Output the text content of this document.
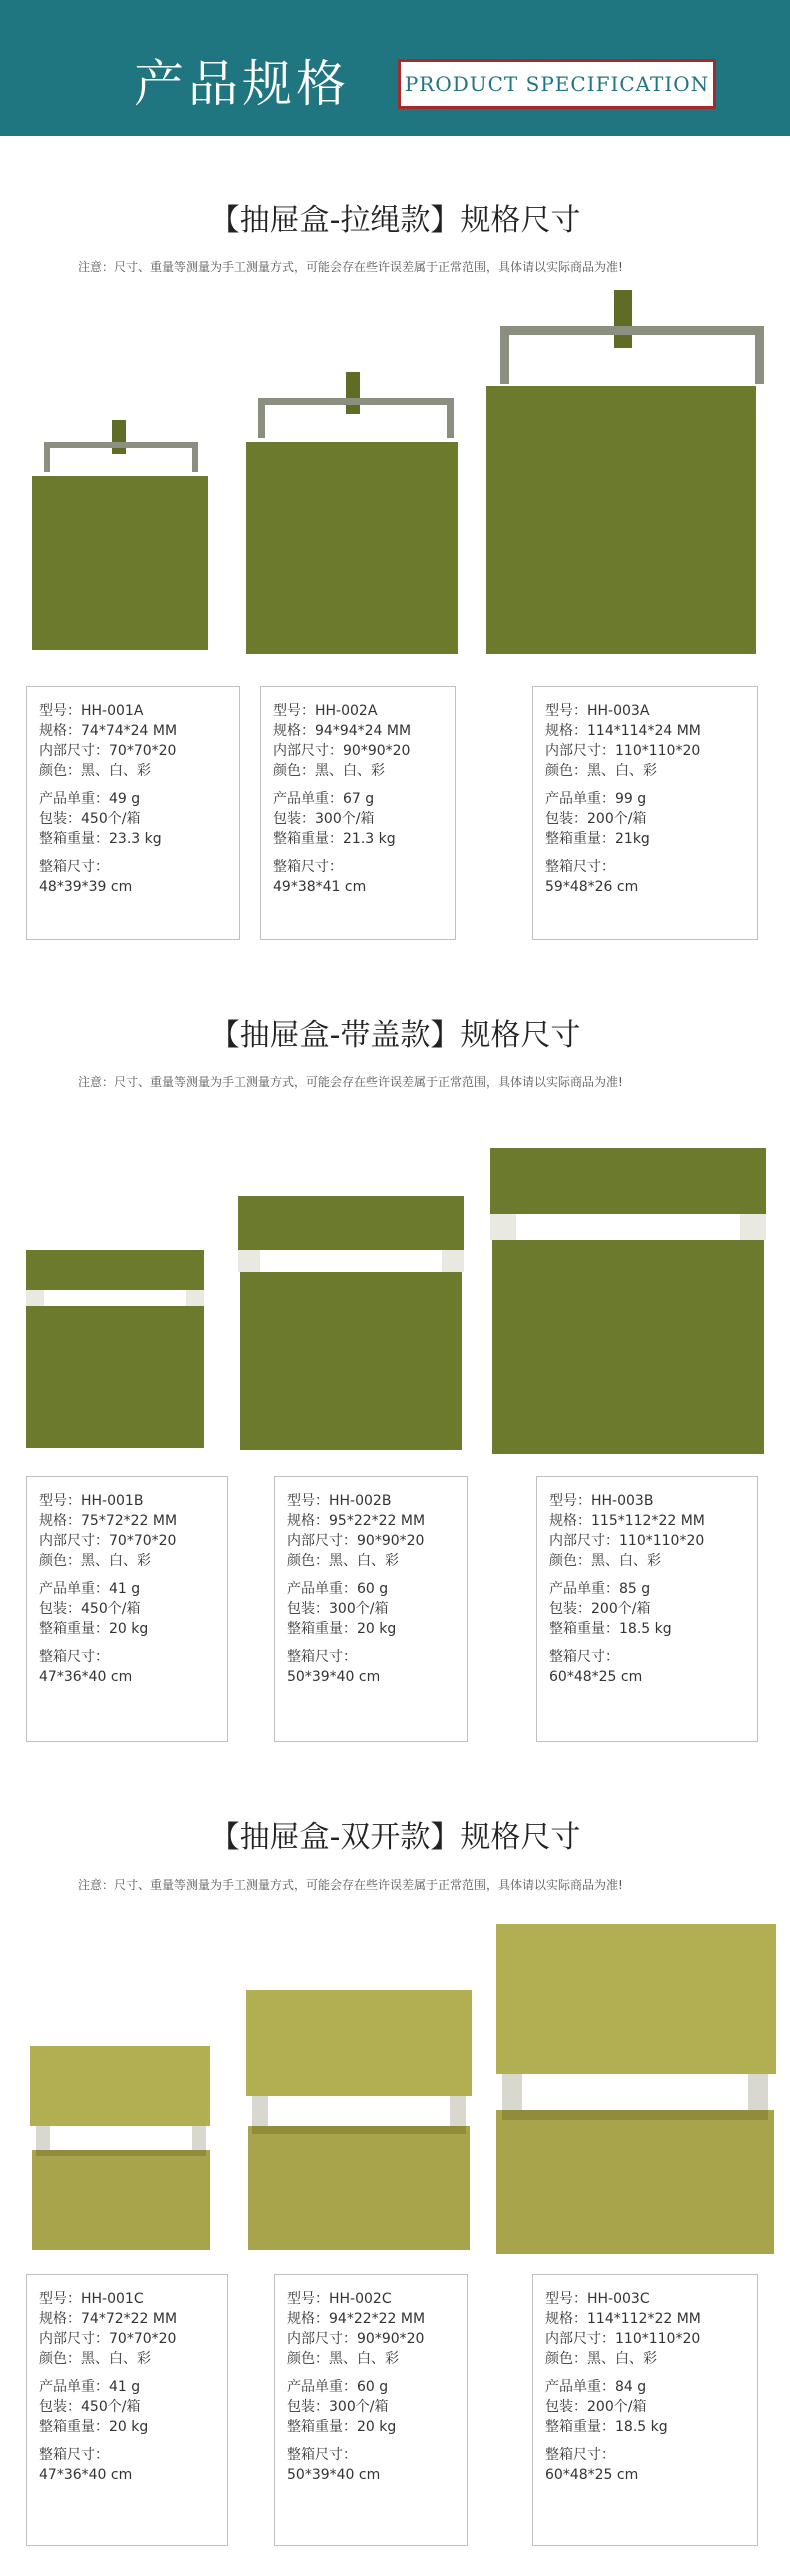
产品规格	PRODUCT SPECIFICATION
【抽屉盒-拉绳款】规格尺寸
注意：尺寸、重量等测量为手工测量方式，可能会存在些许误差属于正常范围，具体请以实际商品为准!
型号：HH-001A
规格：74*74*24 MM
内部尺寸：70*70*20
颜色：黑、白、彩
产品单重：49 g
包装：450个/箱
整箱重量：23.3 kg
整箱尺寸：
48*39*39 cm
型号：HH-002A
规格：94*94*24 MM
内部尺寸：90*90*20
颜色：黑、白、彩
产品单重：67 g
包装：300个/箱
整箱重量：21.3 kg
整箱尺寸：
49*38*41 cm
型号：HH-003A
规格：114*114*24 MM
内部尺寸：110*110*20
颜色：黑、白、彩
产品单重：99 g
包装：200个/箱
整箱重量：21kg
整箱尺寸：
59*48*26 cm
【抽屉盒-带盖款】规格尺寸
注意：尺寸、重量等测量为手工测量方式，可能会存在些许误差属于正常范围，具体请以实际商品为准!
型号：HH-001B
规格：75*72*22 MM
内部尺寸：70*70*20
颜色：黑、白、彩
产品单重：41 g
包装：450个/箱
整箱重量：20 kg
整箱尺寸：
47*36*40 cm
型号：HH-002B
规格：95*22*22 MM
内部尺寸：90*90*20
颜色：黑、白、彩
产品单重：60 g
包装：300个/箱
整箱重量：20 kg
整箱尺寸：
50*39*40 cm
型号：HH-003B
规格：115*112*22 MM
内部尺寸：110*110*20
颜色：黑、白、彩
产品单重：85 g
包装：200个/箱
整箱重量：18.5 kg
整箱尺寸：
60*48*25 cm
【抽屉盒-双开款】规格尺寸
注意：尺寸、重量等测量为手工测量方式，可能会存在些许误差属于正常范围，具体请以实际商品为准!
型号：HH-001C
规格：74*72*22 MM
内部尺寸：70*70*20
颜色：黑、白、彩
产品单重：41 g
包装：450个/箱
整箱重量：20 kg
整箱尺寸：
47*36*40 cm
型号：HH-002C
规格：94*22*22 MM
内部尺寸：90*90*20
颜色：黑、白、彩
产品单重：60 g
包装：300个/箱
整箱重量：20 kg
整箱尺寸：
50*39*40 cm
型号：HH-003C
规格：114*112*22 MM
内部尺寸：110*110*20
颜色：黑、白、彩
产品单重：84 g
包装：200个/箱
整箱重量：18.5 kg
整箱尺寸：
60*48*25 cm
